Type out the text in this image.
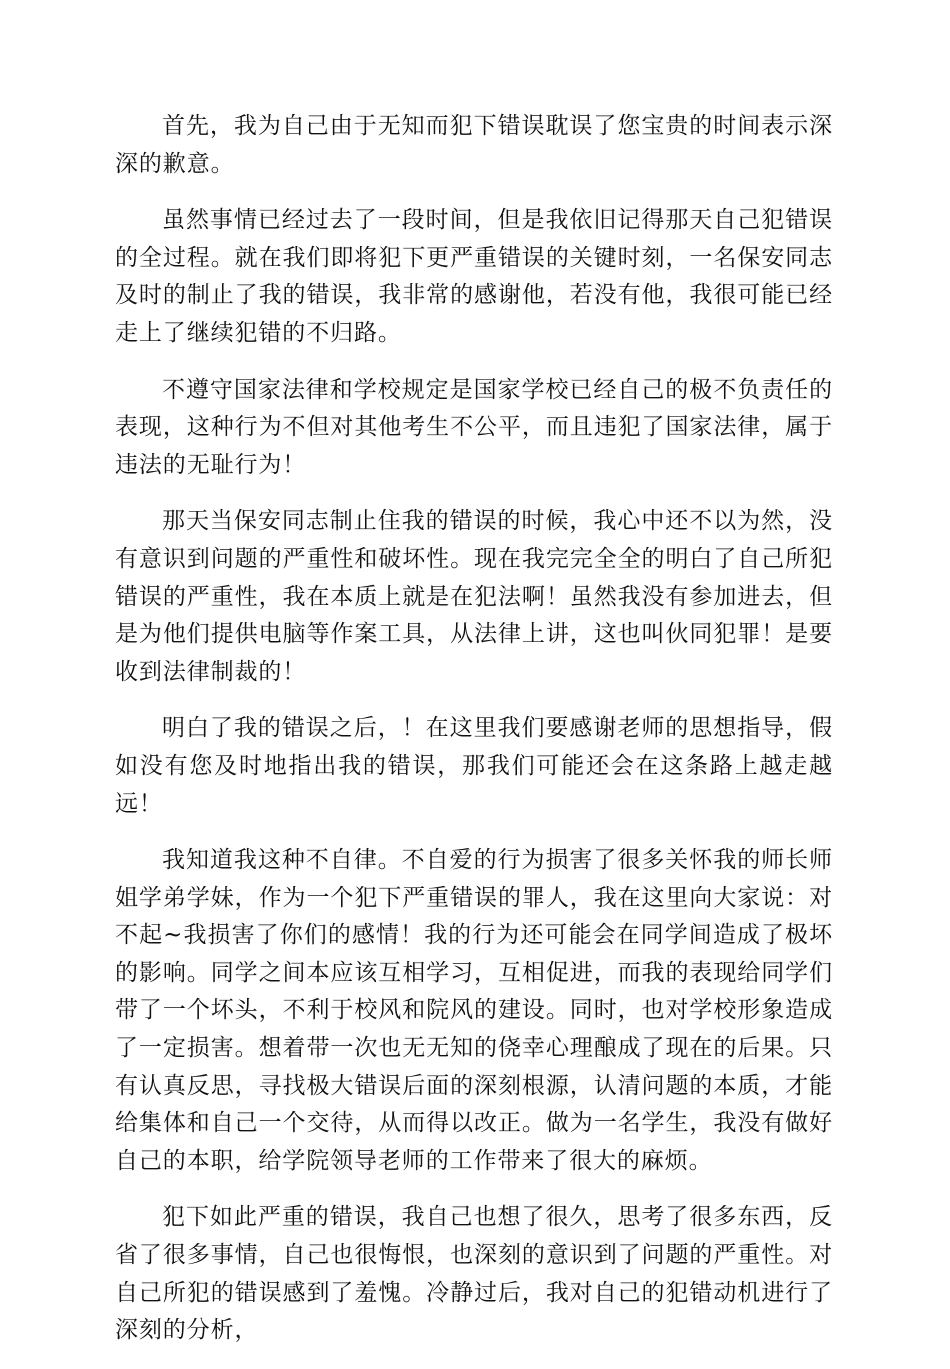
首先，我为自己由于无知而犯下错误耽误了您宝贵的时间表示深深的歉意。

虽然事情已经过去了一段时间，但是我依旧记得那天自己犯错误的全过程。就在我们即将犯下更严重错误的关键时刻，一名保安同志及时的制止了我的错误，我非常的感谢他，若没有他，我很可能已经走上了继续犯错的不归路。

不遵守国家法律和学校规定是国家学校已经自己的极不负责任的表现，这种行为不但对其他考生不公平，而且违犯了国家法律，属于违法的无耻行为！

那天当保安同志制止住我的错误的时候，我心中还不以为然，没有意识到问题的严重性和破坏性。现在我完完全全的明白了自己所犯错误的严重性，我在本质上就是在犯法啊！虽然我没有参加进去，但是为他们提供电脑等作案工具，从法律上讲，这也叫伙同犯罪！是要收到法律制裁的！

明白了我的错误之后，！在这里我们要感谢老师的思想指导，假如没有您及时地指出我的错误，那我们可能还会在这条路上越走越远！

我知道我这种不自律。不自爱的行为损害了很多关怀我的师长师姐学弟学妹，作为一个犯下严重错误的罪人，我在这里向大家说：对不起~我损害了你们的感情！我的行为还可能会在同学间造成了极坏的影响。同学之间本应该互相学习，互相促进，而我的表现给同学们带了一个坏头，不利于校风和院风的建设。同时，也对学校形象造成了一定损害。想着带一次也无无知的侥幸心理酿成了现在的后果。只有认真反思，寻找极大错误后面的深刻根源，认清问题的本质，才能给集体和自己一个交待，从而得以改正。做为一名学生，我没有做好自己的本职，给学院领导老师的工作带来了很大的麻烦。

犯下如此严重的错误，我自己也想了很久，思考了很多东西，反省了很多事情，自己也很悔恨，也深刻的意识到了问题的严重性。对自己所犯的错误感到了羞愧。冷静过后，我对自己的犯错动机进行了深刻的分析，
